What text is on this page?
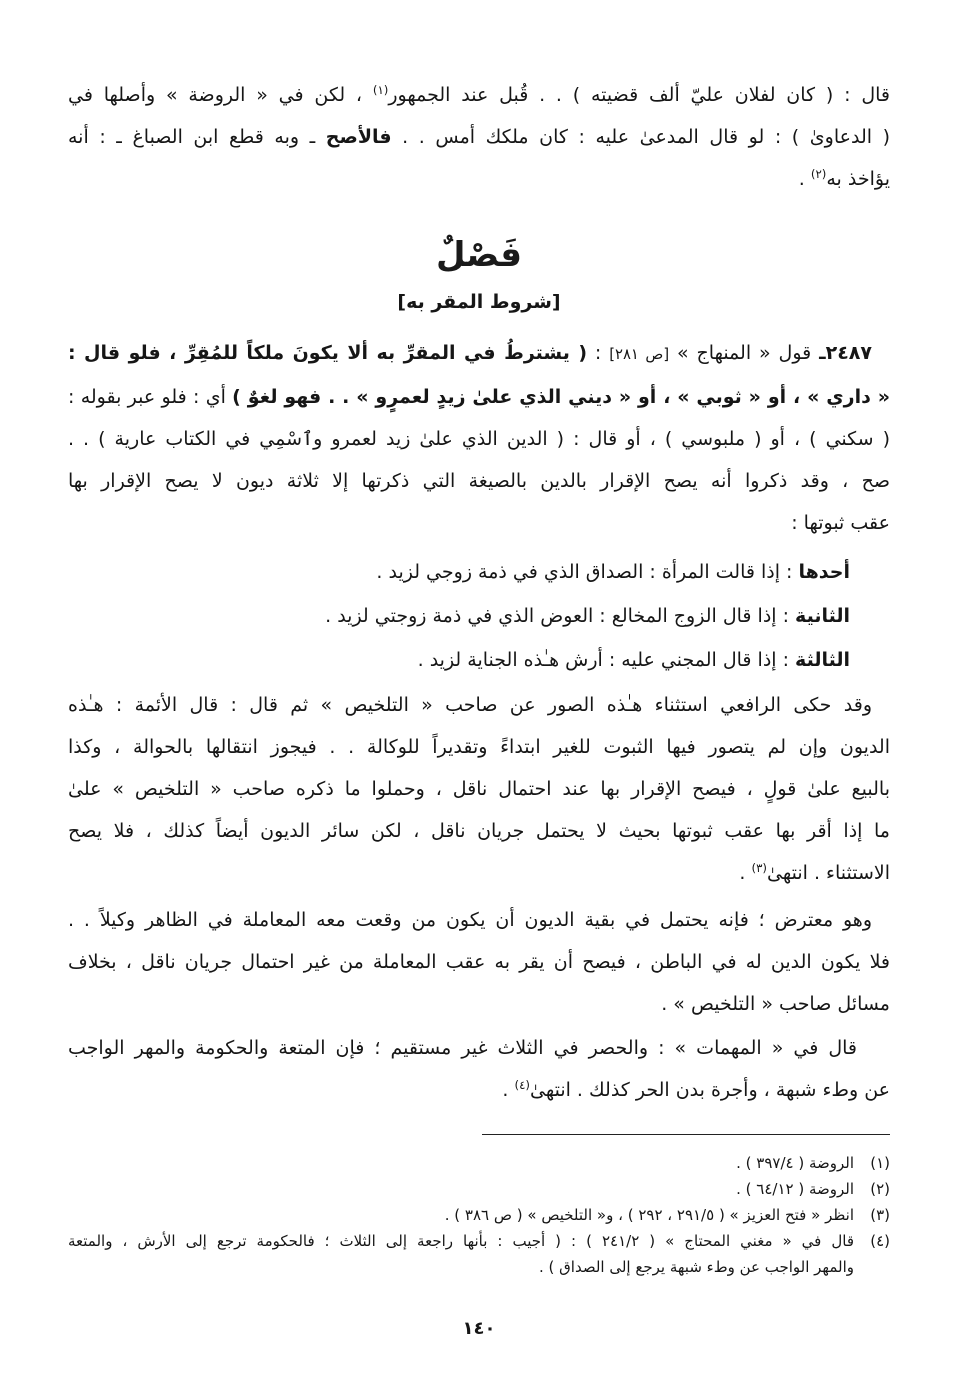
قال : ( كان لفلان عليّ ألف قضيته ) . . قُبل عند الجمهور$^{(١)}$ ، لكن في « الروضة » وأصلها في
( الدعاوىٰ ) : لو قال المدعىٰ عليه : كان ملكك أمس . . فالأصح ـ وبه قطع ابن الصباغ ـ : أنه
يؤاخذ به$^{(٢)}$ .
فَصْلٌ
[شروط المقر به]
٢٤٨٧ـ قول « المنهاج » [ص ٢٨١] : ( يشترطُ في المقرِّ به ألا يكونَ ملكاً للمُقِرِّ ، فلو قال :
« داري » ، أو « ثوبي » ، أو « ديني الذي علىٰ زيدٍ لعمرٍو » . . فهو لغوٌ ) أي : فلو عبر بقوله :
( سكني ) ، أو ( ملبوسي ) ، أو قال : ( الدين الذي علىٰ زيد لعمرو وٱسْمِي في الكتاب عارية ) . .
صح ، وقد ذكروا أنه يصح الإقرار بالدين بالصيغة التي ذكرتها إلا ثلاثة ديون لا يصح الإقرار بها
عقب ثبوتها :
أحدها : إذا قالت المرأة : الصداق الذي في ذمة زوجي لزيد .
الثانية : إذا قال الزوج المخالع : العوض الذي في ذمة زوجتي لزيد .
الثالثة : إذا قال المجني عليه : أرش هـٰذه الجناية لزيد .
وقد حكى الرافعي استثناء هـٰذه الصور عن صاحب « التلخيص » ثم قال : قال الأئمة : هـٰذه
الديون وإن لم يتصور فيها الثبوت للغير ابتداءً وتقديراً للوكالة . . فيجوز انتقالها بالحوالة ، وكذا
بالبيع علىٰ قولٍ ، فيصح الإقرار بها عند احتمال ناقل ، وحملوا ما ذكره صاحب « التلخيص » علىٰ
ما إذا أقر بها عقب ثبوتها بحيث لا يحتمل جريان ناقل ، لكن سائر الديون أيضاً كذلك ، فلا يصح
الاستثناء . انتهىٰ$^{(٣)}$ .
وهو معترض ؛ فإنه يحتمل في بقية الديون أن يكون من وقعت معه المعاملة في الظاهر وكيلاً . .
فلا يكون الدين له في الباطن ، فيصح أن يقر به عقب المعاملة من غير احتمال جريان ناقل ، بخلاف
مسائل صاحب « التلخيص » .
قال في « المهمات » : والحصر في الثلاث غير مستقيم ؛ فإن المتعة والحكومة والمهر الواجب
عن وطء شبهة ، وأجرة بدن الحر كذلك . انتهىٰ$^{(٤)}$ .
(١)
الروضة ( ٣٩٧/٤ ) .
(٢)
الروضة ( ٦٤/١٢ ) .
(٣)
انظر « فتح العزيز » ( ٢٩١/٥ ، ٢٩٢ ) ، و« التلخيص » ( ص ٣٨٦ ) .
(٤)
قال في « مغني المحتاج » ( ٢٤١/٢ ) : ( أجيب : بأنها راجعة إلى الثلاث ؛ فالحكومة ترجع إلى الأرش ، والمتعة
والمهر الواجب عن وطء شبهة يرجع إلى الصداق ) .
١٤٠
